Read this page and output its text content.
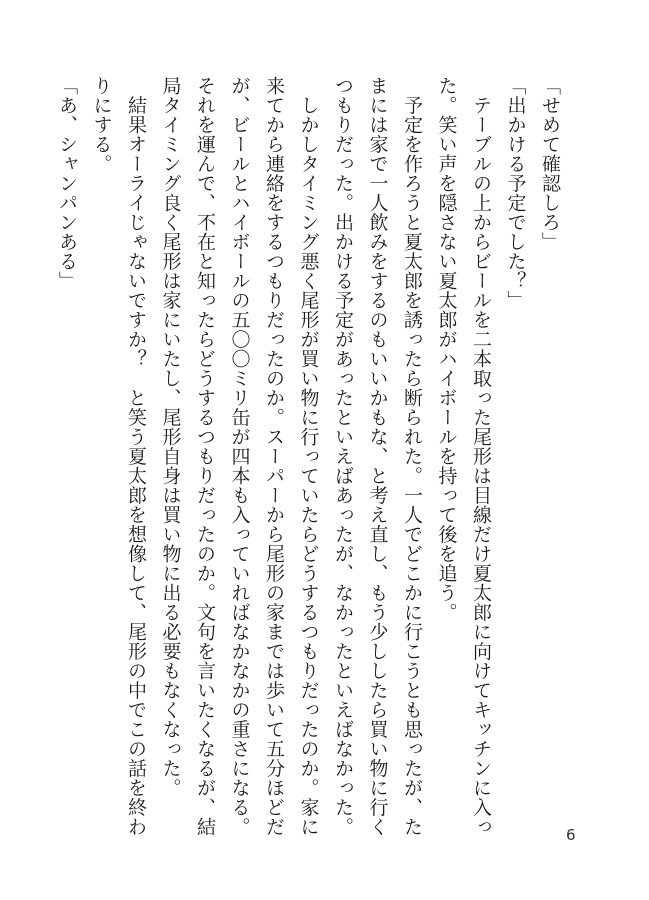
「せめて確認しろ」
「出かける予定でした？」
　テーブルの上からビールを二本取った尾形は目線だけ夏太郎に向けてキッチンに入っ
た。笑い声を隠さない夏太郎がハイボールを持って後を追う。
　予定を作ろうと夏太郎を誘ったら断られた。一人でどこかに行こうとも思ったが、た
まには家で一人飲みをするのもいいかもな、と考え直し、もう少ししたら買い物に行く
つもりだった。出かける予定があったといえばあったが、なかったといえばなかった。
　しかしタイミング悪く尾形が買い物に行っていたらどうするつもりだったのか。家に
来てから連絡をするつもりだったのか。スーパーから尾形の家までは歩いて五分ほどだ
が、ビールとハイボールの五〇〇ミリ缶が四本も入っていればなかなかの重さになる。
それを運んで、不在と知ったらどうするつもりだったのか。文句を言いたくなるが、結
局タイミング良く尾形は家にいたし、尾形自身は買い物に出る必要もなくなった。
　結果オーライじゃないですか？　と笑う夏太郎を想像して、尾形の中でこの話を終わ
りにする。
「あ、シャンパンある」
6
